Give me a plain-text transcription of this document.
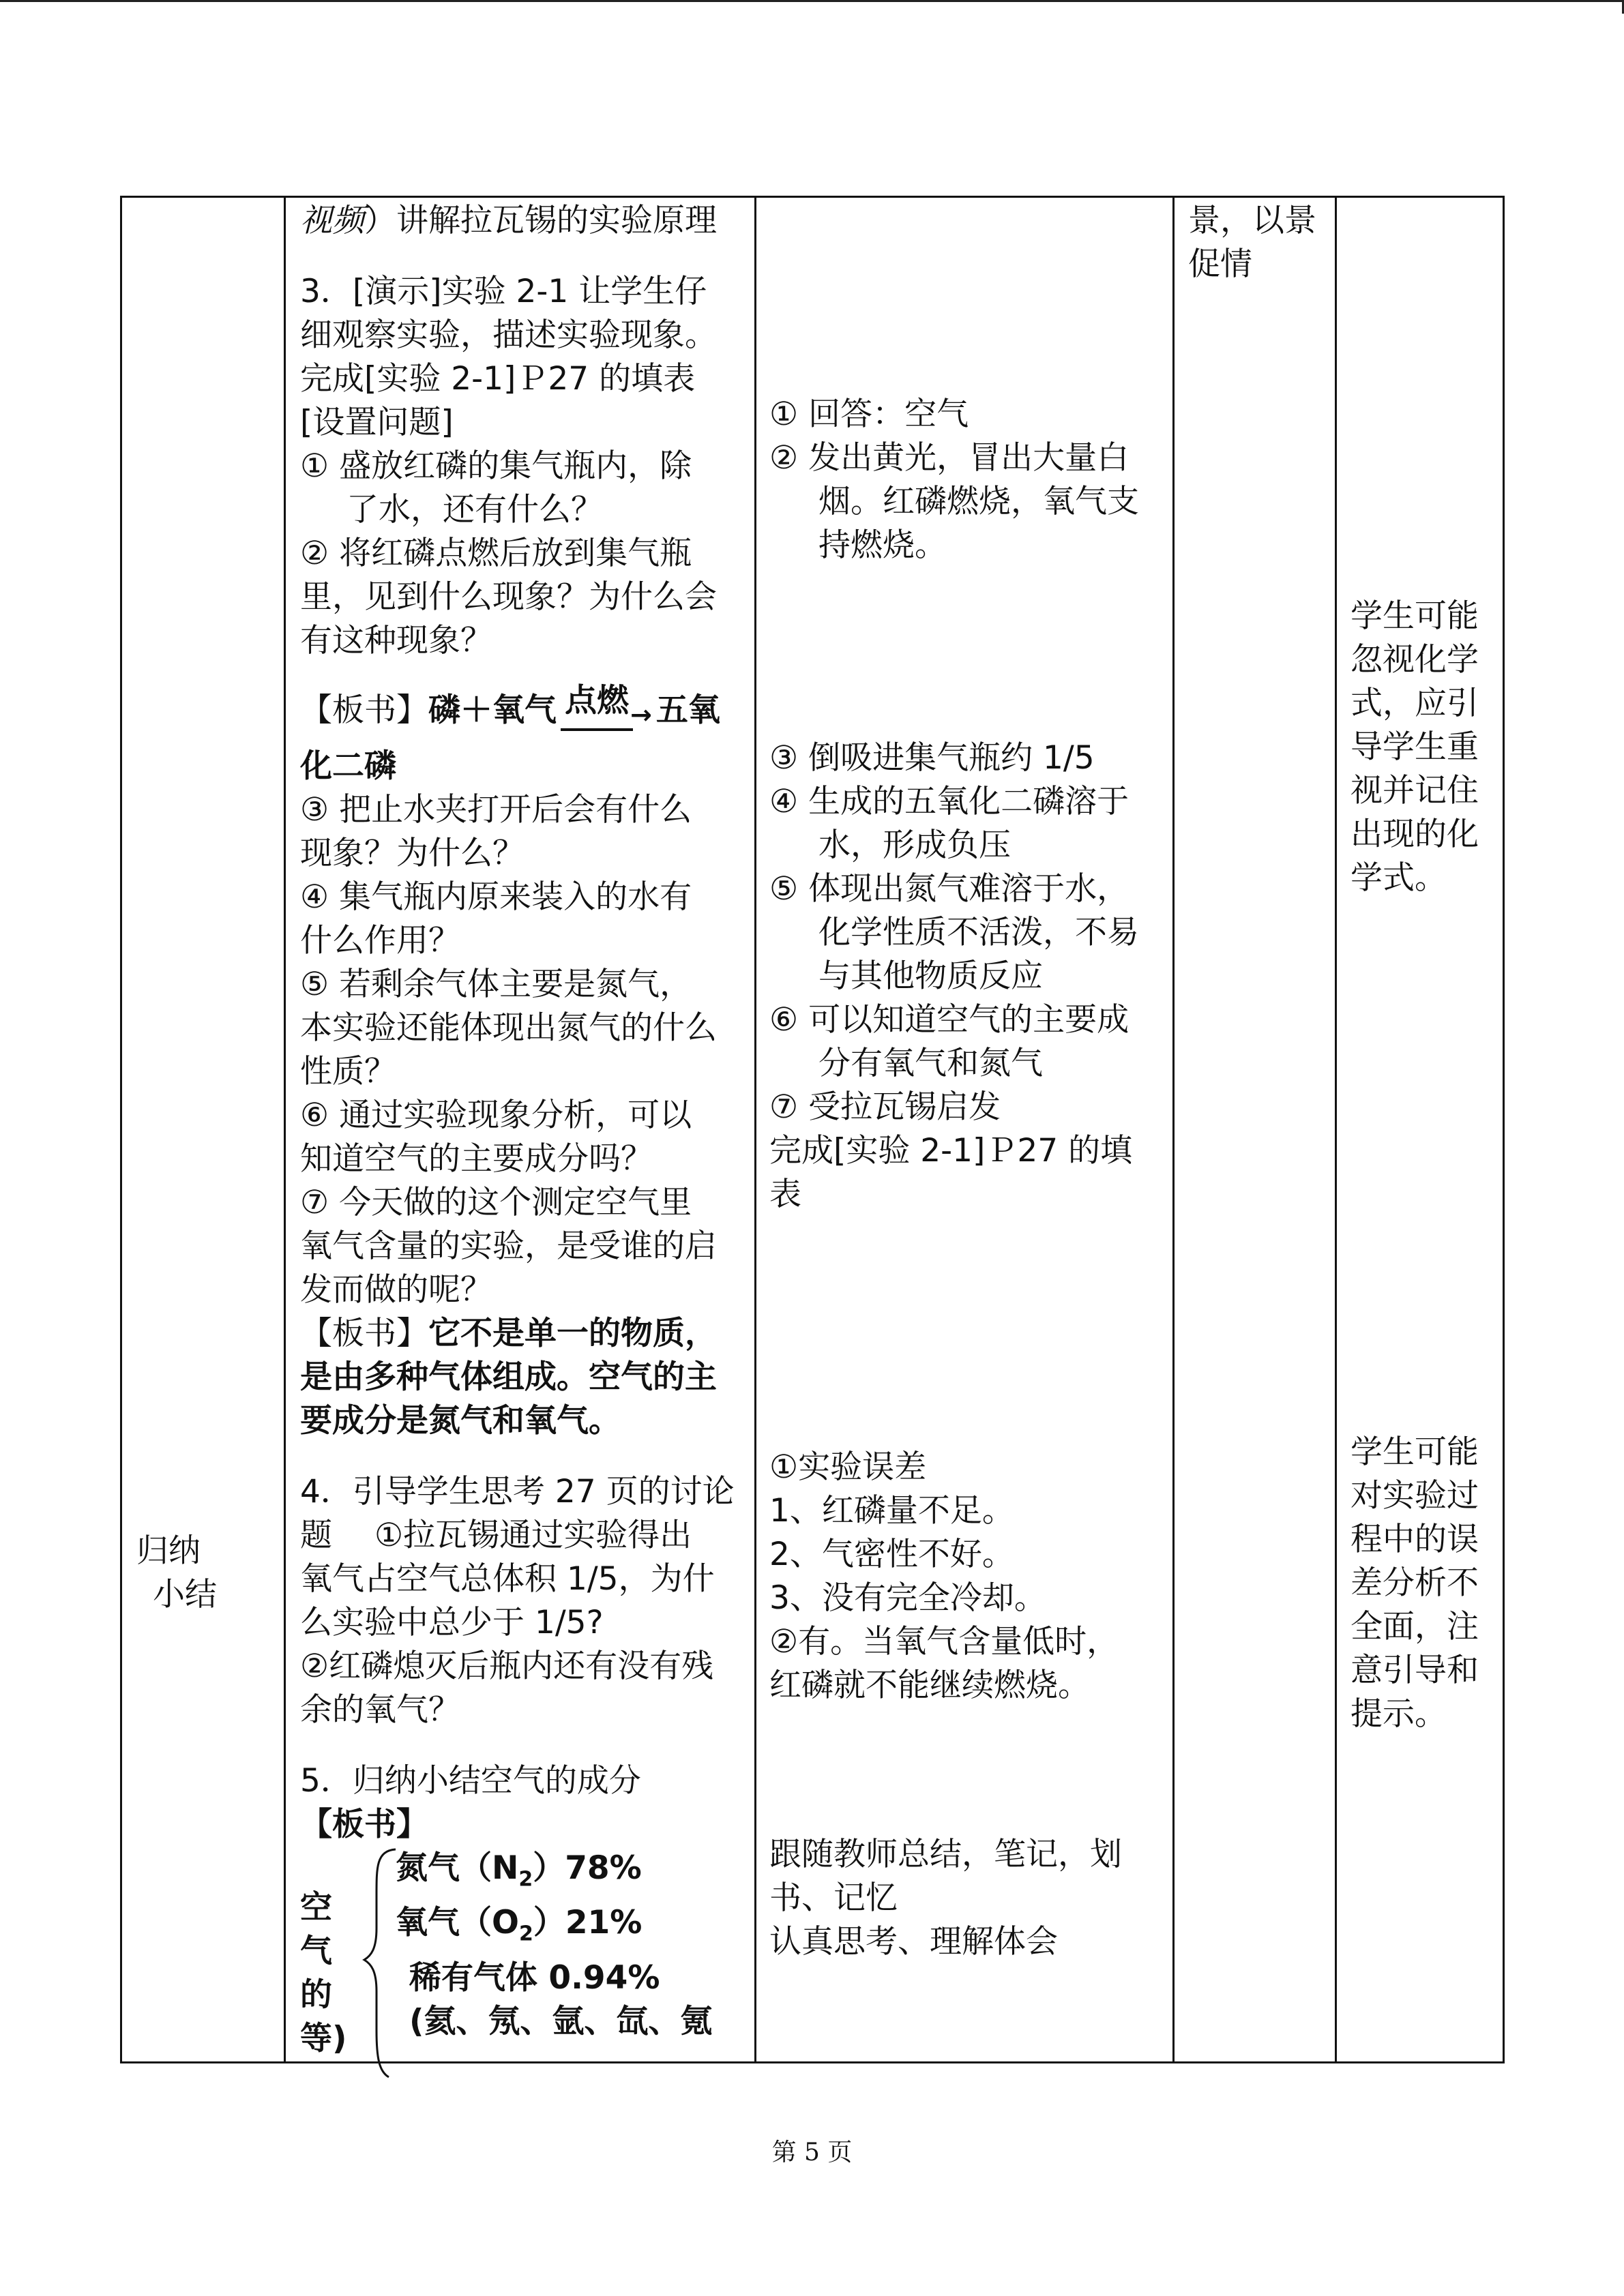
归纳
小结
视频）讲解拉瓦锡的实验原理
3．[演示]实验 2-1 让学生仔
细观察实验，描述实验现象。
完成[实验 2-1]Ｐ27 的填表
[设置问题]
① 盛放红磷的集气瓶内，除
了水，还有什么？
② 将红磷点燃后放到集气瓶
里，见到什么现象？为什么会
有这种现象？
【板书】磷＋氧气 点燃→ 五氧
化二磷
③ 把止水夹打开后会有什么
现象？为什么？
④ 集气瓶内原来装入的水有
什么作用？
⑤ 若剩余气体主要是氮气，
本实验还能体现出氮气的什么
性质？
⑥ 通过实验现象分析，可以
知道空气的主要成分吗？
⑦ 今天做的这个测定空气里
氧气含量的实验，是受谁的启
发而做的呢？
【板书】它不是单一的物质，
是由多种气体组成。空气的主
要成分是氮气和氧气。
4．引导学生思考 27 页的讨论
题　 ①拉瓦锡通过实验得出
氧气占空气总体积 1/5，为什
么实验中总少于 1/5?
②红磷熄灭后瓶内还有没有残
余的氧气？
5．归纳小结空气的成分
【板书】
空
气
的
等)
氮气$(N_2)78\%$
氧气$(O_2)21\%$
稀有气体 0.94%
(氦、氖、氩、氙、氪
① 回答：空气
② 发出黄光，冒出大量白
烟。红磷燃烧，氧气支
持燃烧。
③ 倒吸进集气瓶约 1/5
④ 生成的五氧化二磷溶于
水，形成负压
⑤ 体现出氮气难溶于水，
化学性质不活泼，不易
与其他物质反应
⑥ 可以知道空气的主要成
分有氧气和氮气
⑦ 受拉瓦锡启发
完成[实验 2-1]Ｐ27 的填
表
①实验误差
1、红磷量不足。
2、气密性不好。
3、没有完全冷却。
②有。当氧气含量低时，
红磷就不能继续燃烧。
跟随教师总结，笔记，划
书、记忆
认真思考、理解体会
景，以景
促情
学生可能
忽视化学
式，应引
导学生重
视并记住
出现的化
学式。
学生可能
对实验过
程中的误
差分析不
全面，注
意引导和
提示。
第 5 页
